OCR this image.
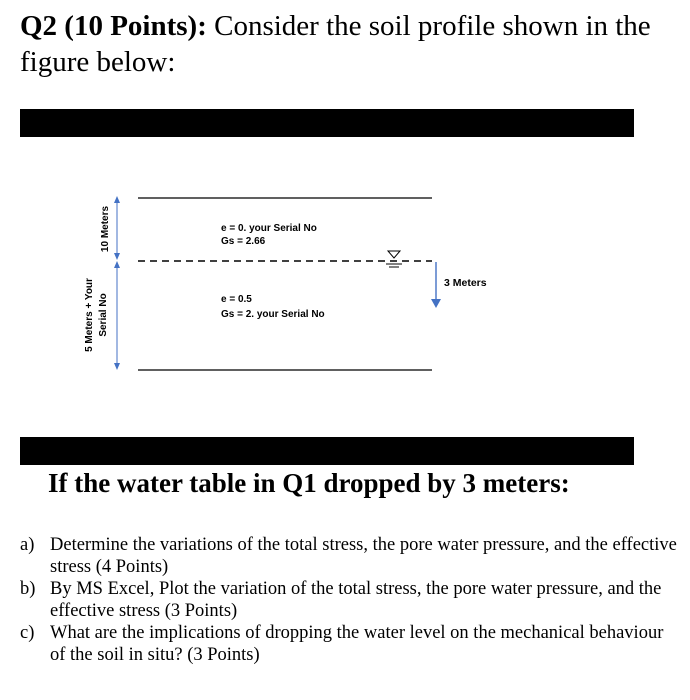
Q2 (10 Points): Consider the soil profile shown in the figure below:
e = 0. your Serial No
Gs = 2.66
e = 0.5
Gs = 2. your Serial No
3 Meters
10 Meters
5 Meters + Your Serial No
If the water table in Q1 dropped by 3 meters:
a) Determine the variations of the total stress, the pore water pressure, and the effective stress (4 Points)
b) By MS Excel, Plot the variation of the total stress, the pore water pressure, and the effective stress (3 Points)
c) What are the implications of dropping the water level on the mechanical behaviour of the soil in situ? (3 Points)
